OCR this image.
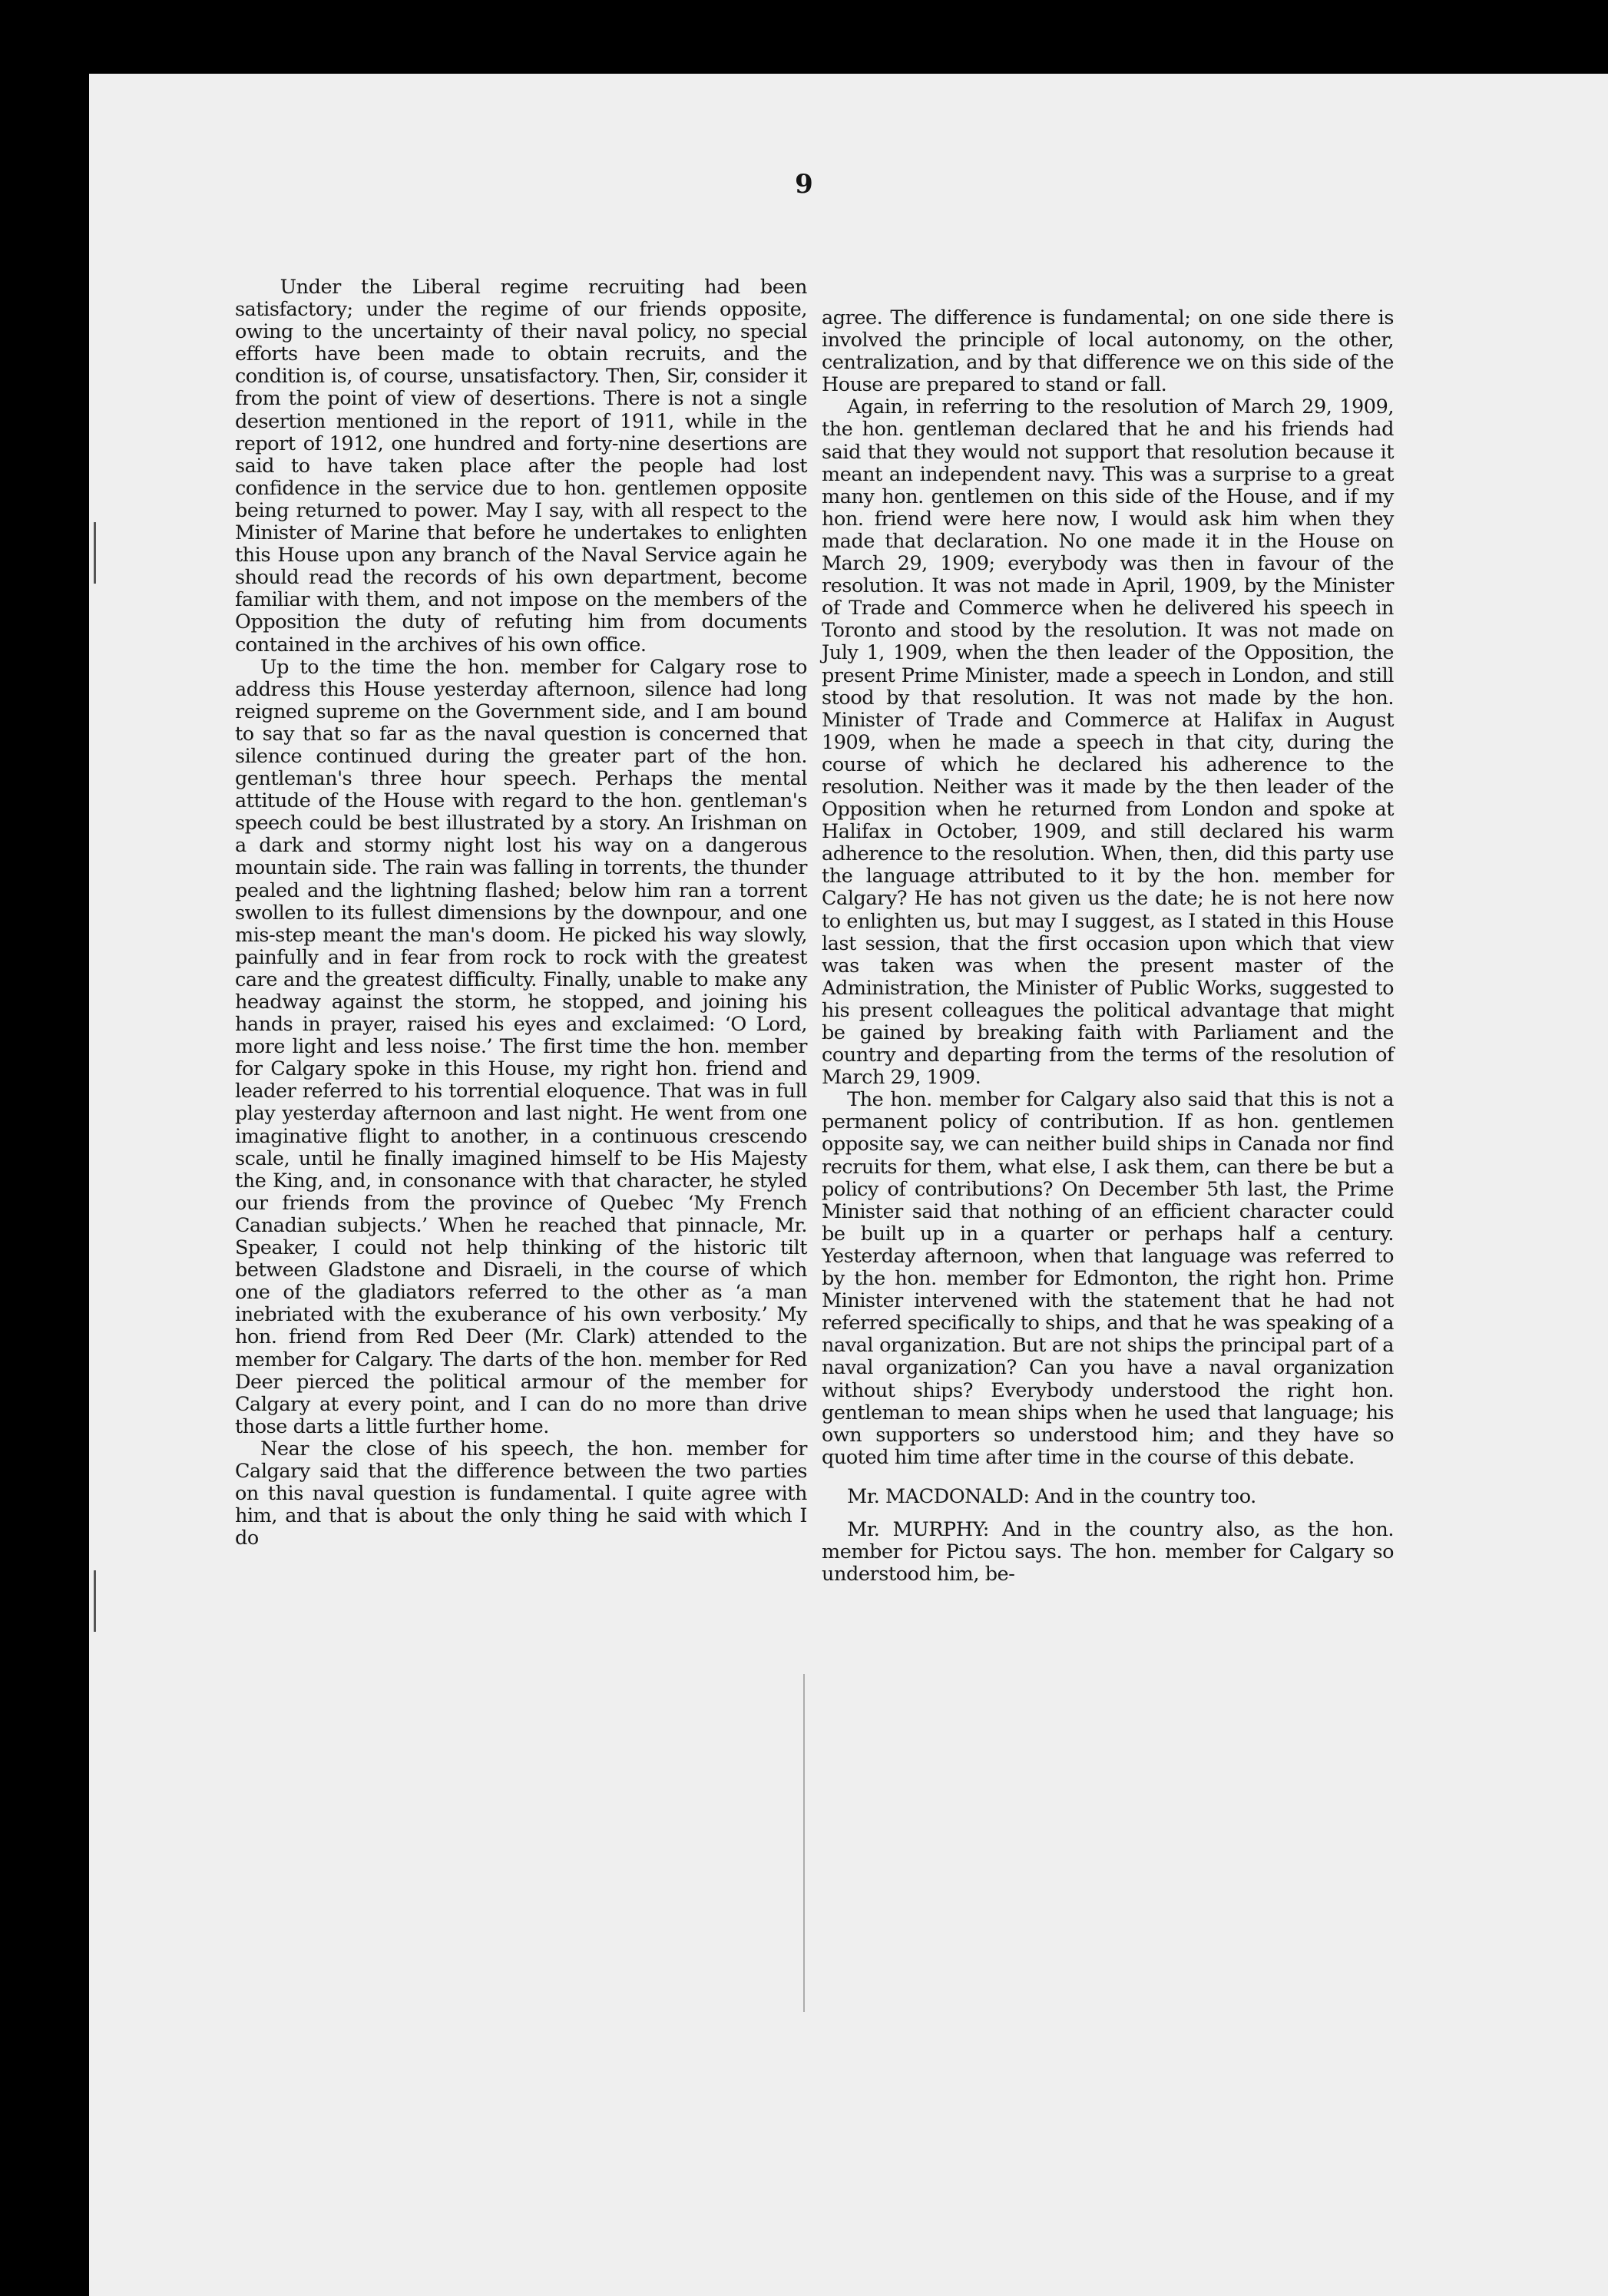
9

Under the Liberal regime recruiting had been satisfactory; under the regime of our friends opposite, owing to the uncertainty of their naval policy, no special efforts have been made to obtain recruits, and the condition is, of course, unsatisfactory. Then, Sir, consider it from the point of view of desertions. There is not a single desertion mentioned in the report of 1911, while in the report of 1912, one hundred and forty-nine desertions are said to have taken place after the people had lost confidence in the service due to hon. gentlemen opposite being returned to power. May I say, with all respect to the Minister of Marine that before he undertakes to enlighten this House upon any branch of the Naval Service again he should read the records of his own department, become familiar with them, and not impose on the members of the Opposition the duty of refuting him from documents contained in the archives of his own office.

Up to the time the hon. member for Calgary rose to address this House yesterday afternoon, silence had long reigned supreme on the Government side, and I am bound to say that so far as the naval question is concerned that silence continued during the greater part of the hon. gentleman's three hour speech. Perhaps the mental attitude of the House with regard to the hon. gentleman's speech could be best illustrated by a story. An Irishman on a dark and stormy night lost his way on a dangerous mountain side. The rain was falling in torrents, the thunder pealed and the lightning flashed; below him ran a torrent swollen to its fullest dimensions by the downpour, and one mis-step meant the man's doom. He picked his way slowly, painfully and in fear from rock to rock with the greatest care and the greatest difficulty. Finally, unable to make any headway against the storm, he stopped, and joining his hands in prayer, raised his eyes and exclaimed: ‘O Lord, more light and less noise.’ The first time the hon. member for Calgary spoke in this House, my right hon. friend and leader referred to his torrential eloquence. That was in full play yesterday afternoon and last night. He went from one imaginative flight to another, in a continuous crescendo scale, until he finally imagined himself to be His Majesty the King, and, in consonance with that character, he styled our friends from the province of Quebec ‘My French Canadian subjects.’ When he reached that pinnacle, Mr. Speaker, I could not help thinking of the historic tilt between Gladstone and Disraeli, in the course of which one of the gladiators referred to the other as ‘a man inebriated with the exuberance of his own verbosity.’ My hon. friend from Red Deer (Mr. Clark) attended to the member for Calgary. The darts of the hon. member for Red Deer pierced the political armour of the member for Calgary at every point, and I can do no more than drive those darts a little further home.

Near the close of his speech, the hon. member for Calgary said that the difference between the two parties on this naval question is fundamental. I quite agree with him, and that is about the only thing he said with which I do

agree. The difference is fundamental; on one side there is involved the principle of local autonomy, on the other, centralization, and by that difference we on this side of the House are prepared to stand or fall.

Again, in referring to the resolution of March 29, 1909, the hon. gentleman declared that he and his friends had said that they would not support that resolution because it meant an independent navy. This was a surprise to a great many hon. gentlemen on this side of the House, and if my hon. friend were here now, I would ask him when they made that declaration. No one made it in the House on March 29, 1909; everybody was then in favour of the resolution. It was not made in April, 1909, by the Minister of Trade and Commerce when he delivered his speech in Toronto and stood by the resolution. It was not made on July 1, 1909, when the then leader of the Opposition, the present Prime Minister, made a speech in London, and still stood by that resolution. It was not made by the hon. Minister of Trade and Commerce at Halifax in August 1909, when he made a speech in that city, during the course of which he declared his adherence to the resolution. Neither was it made by the then leader of the Opposition when he returned from London and spoke at Halifax in October, 1909, and still declared his warm adherence to the resolution. When, then, did this party use the language attributed to it by the hon. member for Calgary? He has not given us the date; he is not here now to enlighten us, but may I suggest, as I stated in this House last session, that the first occasion upon which that view was taken was when the present master of the Administration, the Minister of Public Works, suggested to his present colleagues the political advantage that might be gained by breaking faith with Parliament and the country and departing from the terms of the resolution of March 29, 1909.

The hon. member for Calgary also said that this is not a permanent policy of contribution. If as hon. gentlemen opposite say, we can neither build ships in Canada nor find recruits for them, what else, I ask them, can there be but a policy of contributions? On December 5th last, the Prime Minister said that nothing of an efficient character could be built up in a quarter or perhaps half a century. Yesterday afternoon, when that language was referred to by the hon. member for Edmonton, the right hon. Prime Minister intervened with the statement that he had not referred specifically to ships, and that he was speaking of a naval organization. But are not ships the principal part of a naval organization? Can you have a naval organization without ships? Everybody understood the right hon. gentleman to mean ships when he used that language; his own supporters so understood him; and they have so quoted him time after time in the course of this debate.

Mr. MACDONALD: And in the country too.

Mr. MURPHY: And in the country also, as the hon. member for Pictou says. The hon. member for Calgary so understood him, be-
